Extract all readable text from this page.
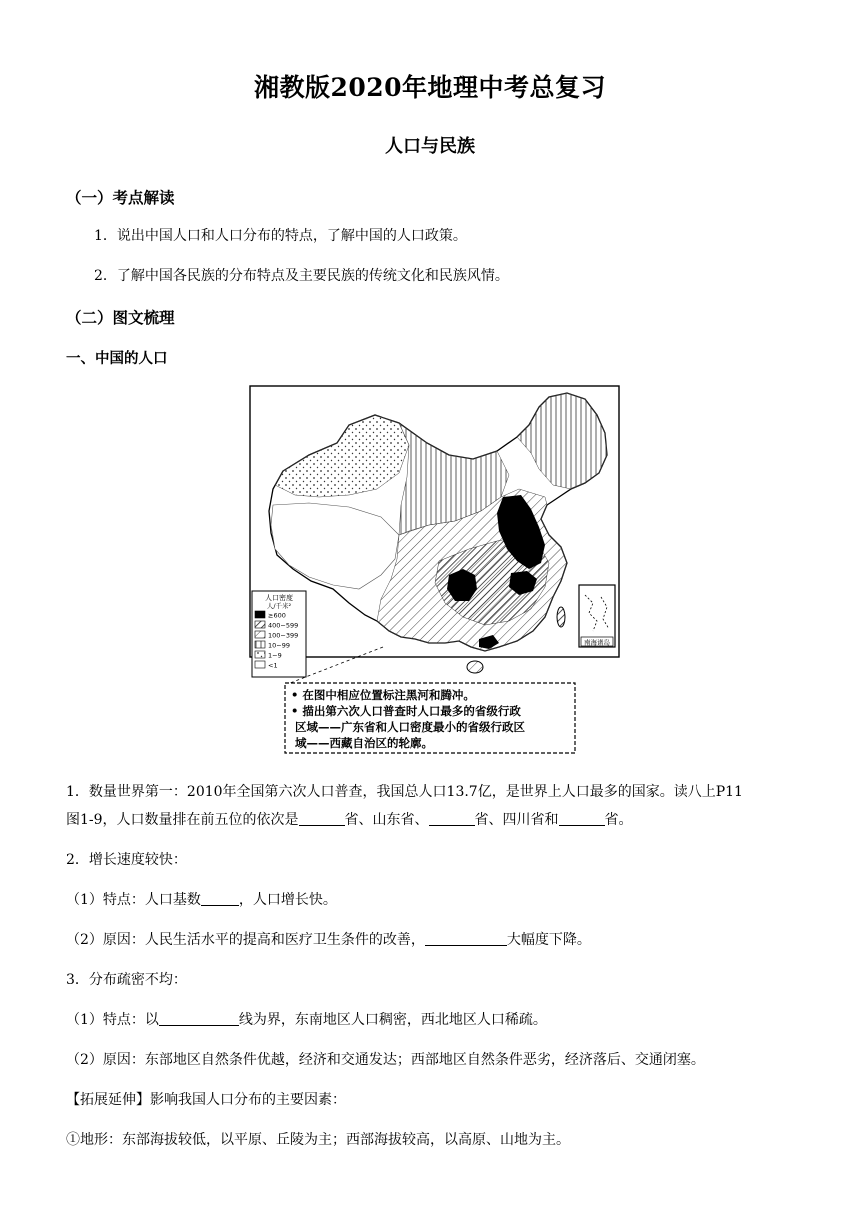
湘教版2020年地理中考总复习
人口与民族
（一）考点解读
1．说出中国人口和人口分布的特点，了解中国的人口政策。
2．了解中国各民族的分布特点及主要民族的传统文化和民族风情。
（二）图文梳理
一、中国的人口
南海诸岛
人口密度
人/千米²
≥600
400~599
100~399
10~99
1~9
<1
• 在图中相应位置标注黑河和腾冲。
• 描出第六次人口普查时人口最多的省级行政
区域——广东省和人口密度最小的省级行政区
域——西藏自治区的轮廓。
1．数量世界第一：2010年全国第六次人口普查，我国总人口13.7亿，是世界上人口最多的国家。读八上P11
图1-9，人口数量排在前五位的依次是	省、山东省、	省、四川省和	省。
2．增长速度较快：
（1）特点：人口基数	，人口增长快。
（2）原因：人民生活水平的提高和医疗卫生条件的改善，	大幅度下降。
3．分布疏密不均：
（1）特点：以	线为界，东南地区人口稠密，西北地区人口稀疏。
（2）原因：东部地区自然条件优越，经济和交通发达；西部地区自然条件恶劣，经济落后、交通闭塞。
【拓展延伸】影响我国人口分布的主要因素：
①地形：东部海拔较低，以平原、丘陵为主；西部海拔较高，以高原、山地为主。
